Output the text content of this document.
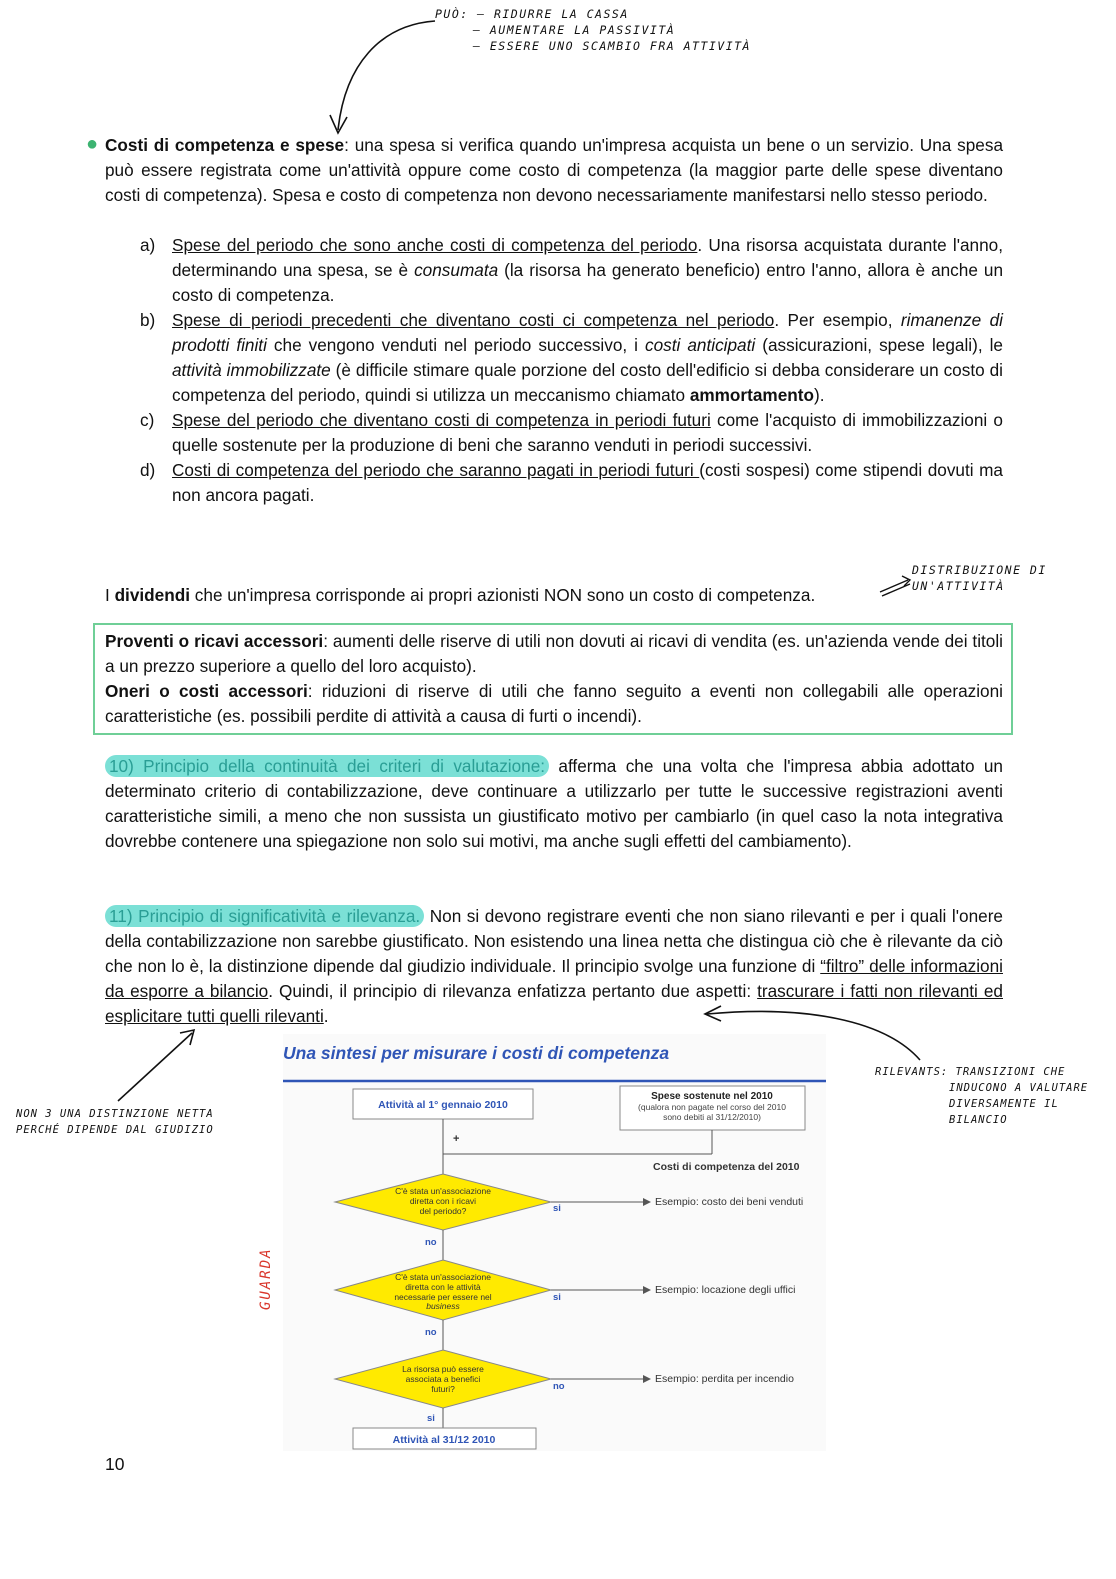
PUÒ: – RIDURRE LA CASSA
– AUMENTARE LA PASSIVITÀ
– ESSERE UNO SCAMBIO FRA ATTIVITÀ
● Costi di competenza e spese: una spesa si verifica quando un'impresa acquista un bene o un servizio. Una spesa può essere registrata come un'attività oppure come costo di competenza (la maggior parte delle spese diventano costi di competenza). Spesa e costo di competenza non devono necessariamente manifestarsi nello stesso periodo.
a) Spese del periodo che sono anche costi di competenza del periodo. Una risorsa acquistata durante l'anno, determinando una spesa, se è consumata (la risorsa ha generato beneficio) entro l'anno, allora è anche un costo di competenza.
b) Spese di periodi precedenti che diventano costi ci competenza nel periodo. Per esempio, rimanenze di prodotti finiti che vengono venduti nel periodo successivo, i costi anticipati (assicurazioni, spese legali), le attività immobilizzate (è difficile stimare quale porzione del costo dell'edificio si debba considerare un costo di competenza del periodo, quindi si utilizza un meccanismo chiamato ammortamento).
c)	Spese del periodo che diventano costi di competenza in periodi futuri come l'acquisto di immobilizzazioni o quelle sostenute per la produzione di beni che saranno venduti in periodi successivi.
d) Costi di competenza del periodo che saranno pagati in periodi futuri (costi sospesi) come stipendi dovuti ma non ancora pagati.
I dividendi che un'impresa corrisponde ai propri azionisti NON sono un costo di competenza.
DISTRIBUZIONE DI
UN'ATTIVITÀ
Proventi o ricavi accessori: aumenti delle riserve di utili non dovuti ai ricavi di vendita (es. un'azienda vende dei titoli a un prezzo superiore a quello del loro acquisto).
Oneri o costi accessori: riduzioni di riserve di utili che fanno seguito a eventi non collegabili alle operazioni caratteristiche (es. possibili perdite di attività a causa di furti o incendi).
10) Principio della continuità dei criteri di valutazione: afferma che una volta che l'impresa abbia adottato un determinato criterio di contabilizzazione, deve continuare a utilizzarlo per tutte le successive registrazioni aventi caratteristiche simili, a meno che non sussista un giustificato motivo per cambiarlo (in quel caso la nota integrativa dovrebbe contenere una spiegazione non solo sui motivi, ma anche sugli effetti del cambiamento).
11) Principio di significatività e rilevanza. Non si devono registrare eventi che non siano rilevanti e per i quali l'onere della contabilizzazione non sarebbe giustificato. Non esistendo una linea netta che distingua ciò che è rilevante da ciò che non lo è, la distinzione dipende dal giudizio individuale. Il principio svolge una funzione di “filtro” delle informazioni da esporre a bilancio. Quindi, il principio di rilevanza enfatizza pertanto due aspetti: trascurare i fatti non rilevanti ed esplicitare tutti quelli rilevanti.
RILEVANTS: TRANSIZIONI CHE
INDUCONO A VALUTARE
DIVERSAMENTE IL BILANCIO
NON 3 UNA DISTINZIONE NETTA
PERCHÉ DIPENDE DAL GIUDIZIO
Una sintesi per misurare i costi di competenza
Attività al 1° gennaio 2010
Spese sostenute nel 2010
(qualora non pagate nel corso del 2010
sono debiti al 31/12/2010)
+
Costi di competenza del 2010
C'è stata un'associazione
diretta con i ricavi
del periodo?	si
Esempio: costo dei beni venduti
no
C'è stata un'associazione
diretta con le attività
necessarie per essere nel
business
si
Esempio: locazione degli uffici
no
La risorsa può essere
associata a benefici
futuri?	no
Esempio: perdita per incendio
si
Attività al 31/12 2010
GUARDA
10
